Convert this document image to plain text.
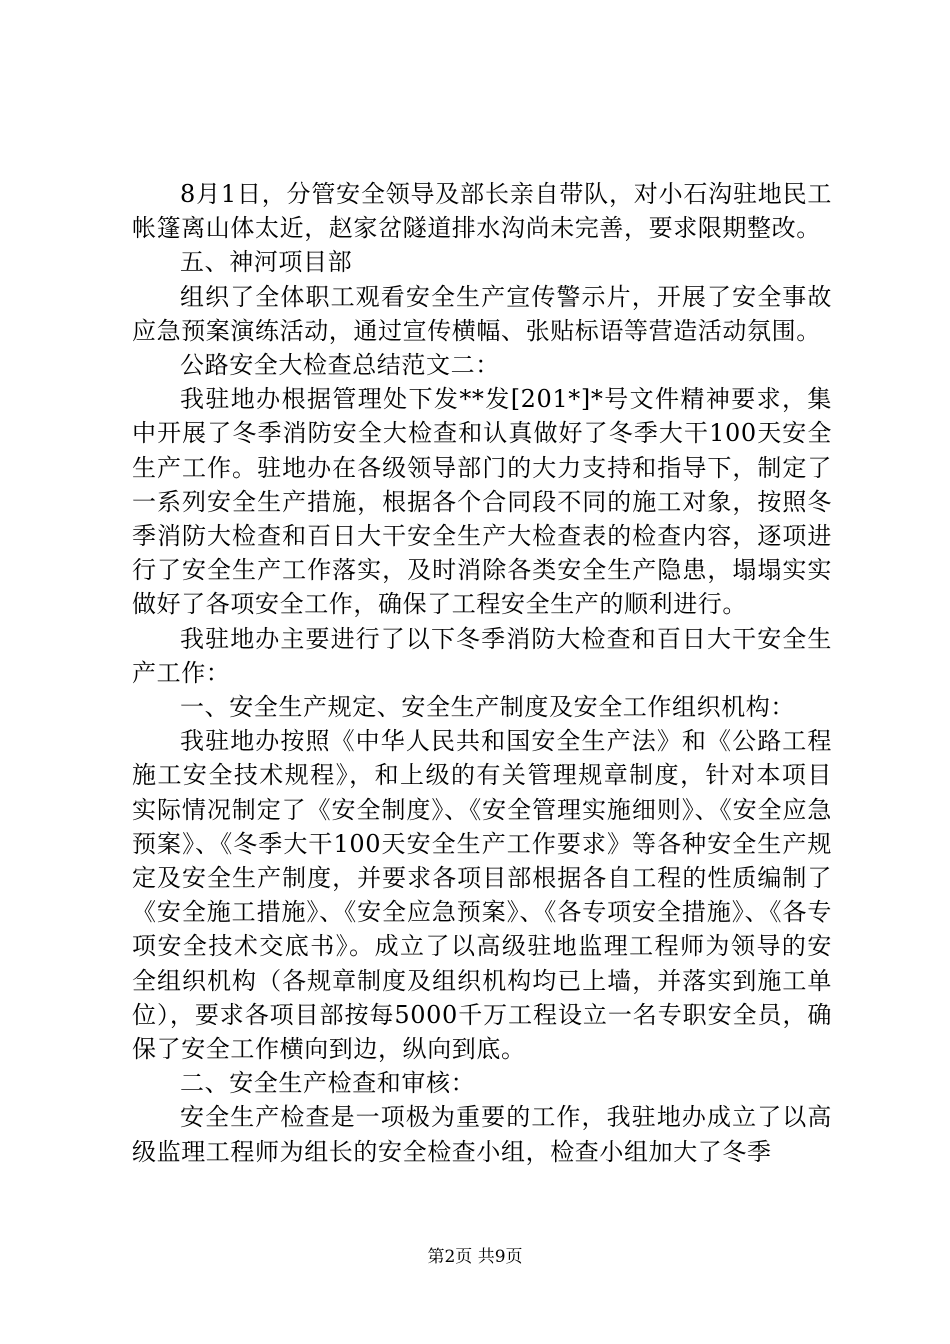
8月1日，分管安全领导及部长亲自带队，对小石沟驻地民工帐篷离山体太近，赵家岔隧道排水沟尚未完善，要求限期整改。

五、神河项目部

组织了全体职工观看安全生产宣传警示片，开展了安全事故应急预案演练活动，通过宣传横幅、张贴标语等营造活动氛围。

公路安全大检查总结范文二：

我驻地办根据管理处下发**发[201*]*号文件精神要求，集中开展了冬季消防安全大检查和认真做好了冬季大干100天安全生产工作。驻地办在各级领导部门的大力支持和指导下，制定了一系列安全生产措施，根据各个合同段不同的施工对象，按照冬季消防大检查和百日大干安全生产大检查表的检查内容，逐项进行了安全生产工作落实，及时消除各类安全生产隐患，塌塌实实做好了各项安全工作，确保了工程安全生产的顺利进行。

我驻地办主要进行了以下冬季消防大检查和百日大干安全生产工作：

一、安全生产规定、安全生产制度及安全工作组织机构：

我驻地办按照《中华人民共和国安全生产法》和《公路工程施工安全技术规程》，和上级的有关管理规章制度，针对本项目实际情况制定了《安全制度》、《安全管理实施细则》、《安全应急预案》、《冬季大干100天安全生产工作要求》等各种安全生产规定及安全生产制度，并要求各项目部根据各自工程的性质编制了《安全施工措施》、《安全应急预案》、《各专项安全措施》、《各专项安全技术交底书》。成立了以高级驻地监理工程师为领导的安全组织机构（各规章制度及组织机构均已上墙，并落实到施工单位），要求各项目部按每5000千万工程设立一名专职安全员，确保了安全工作横向到边，纵向到底。

二、安全生产检查和审核：

安全生产检查是一项极为重要的工作，我驻地办成立了以高级监理工程师为组长的安全检查小组，检查小组加大了冬季

第2页 共9页
